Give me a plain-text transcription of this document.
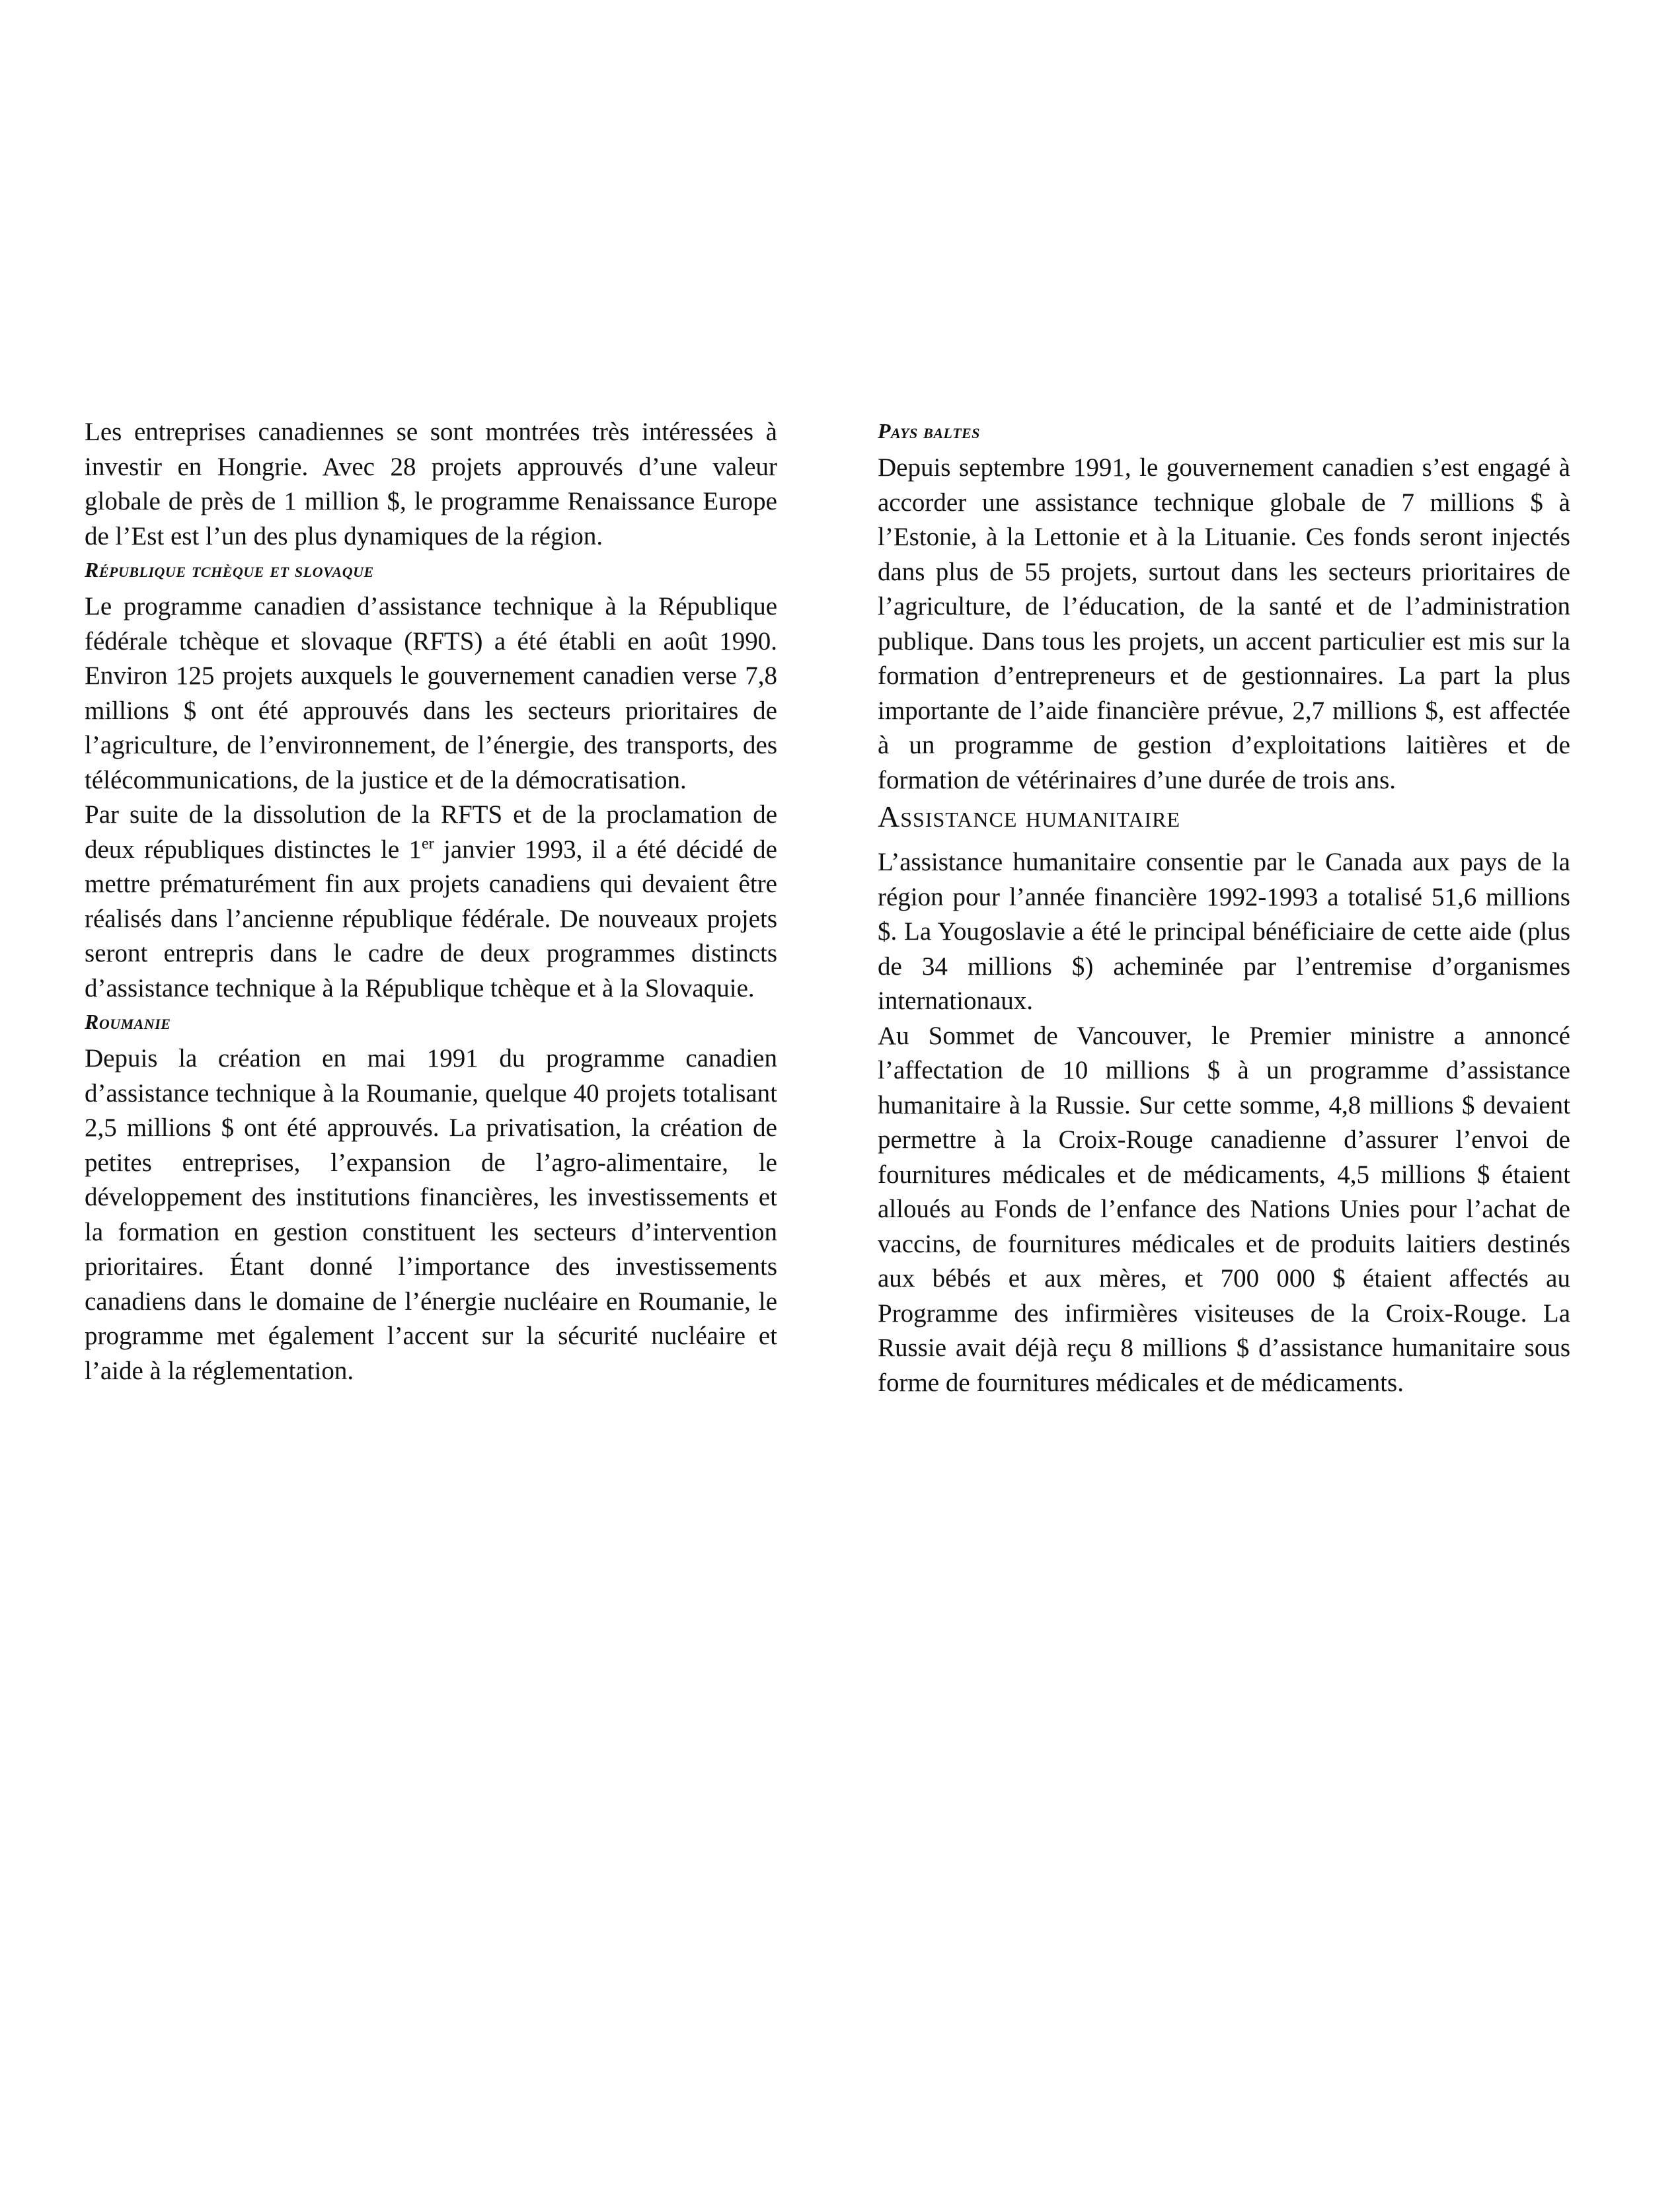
Les entreprises canadiennes se sont montrées très intéressées à investir en Hongrie. Avec 28 projets approuvés d’une valeur globale de près de 1 million $, le programme Renaissance Europe de l’Est est l’un des plus dynamiques de la région.

République tchèque et slovaque

Le programme canadien d’assistance technique à la République fédérale tchèque et slovaque (RFTS) a été établi en août 1990. Environ 125 projets auxquels le gouvernement canadien verse 7,8 millions $ ont été approuvés dans les secteurs prioritaires de l’agriculture, de l’environnement, de l’énergie, des transports, des télécommunications, de la justice et de la démocratisation.

Par suite de la dissolution de la RFTS et de la proclamation de deux républiques distinctes le 1er janvier 1993, il a été décidé de mettre prématurément fin aux projets canadiens qui devaient être réalisés dans l’ancienne république fédérale. De nouveaux projets seront entrepris dans le cadre de deux programmes distincts d’assistance technique à la République tchèque et à la Slovaquie.

Roumanie

Depuis la création en mai 1991 du programme canadien d’assistance technique à la Roumanie, quelque 40 projets totalisant 2,5 millions $ ont été approuvés. La privatisation, la création de petites entreprises, l’expansion de l’agro-alimentaire, le développement des institutions financières, les investissements et la formation en gestion constituent les secteurs d’intervention prioritaires. Étant donné l’importance des investissements canadiens dans le domaine de l’énergie nucléaire en Roumanie, le programme met également l’accent sur la sécurité nucléaire et l’aide à la réglementation.

Pays baltes

Depuis septembre 1991, le gouvernement canadien s’est engagé à accorder une assistance technique globale de 7 millions $ à l’Estonie, à la Lettonie et à la Lituanie. Ces fonds seront injectés dans plus de 55 projets, surtout dans les secteurs prioritaires de l’agriculture, de l’éducation, de la santé et de l’administration publique. Dans tous les projets, un accent particulier est mis sur la formation d’entrepreneurs et de gestionnaires. La part la plus importante de l’aide financière prévue, 2,7 millions $, est affectée à un programme de gestion d’exploitations laitières et de formation de vétérinaires d’une durée de trois ans.

Assistance humanitaire

L’assistance humanitaire consentie par le Canada aux pays de la région pour l’année financière 1992-1993 a totalisé 51,6 millions $. La Yougoslavie a été le principal bénéficiaire de cette aide (plus de 34 millions $) acheminée par l’entremise d’organismes internationaux.

Au Sommet de Vancouver, le Premier ministre a annoncé l’affectation de 10 millions $ à un programme d’assistance humanitaire à la Russie. Sur cette somme, 4,8 millions $ devaient permettre à la Croix-Rouge canadienne d’assurer l’envoi de fournitures médicales et de médicaments, 4,5 millions $ étaient alloués au Fonds de l’enfance des Nations Unies pour l’achat de vaccins, de fournitures médicales et de produits laitiers destinés aux bébés et aux mères, et 700 000 $ étaient affectés au Programme des infirmières visiteuses de la Croix-Rouge. La Russie avait déjà reçu 8 millions $ d’assistance humanitaire sous forme de fournitures médicales et de médicaments.
